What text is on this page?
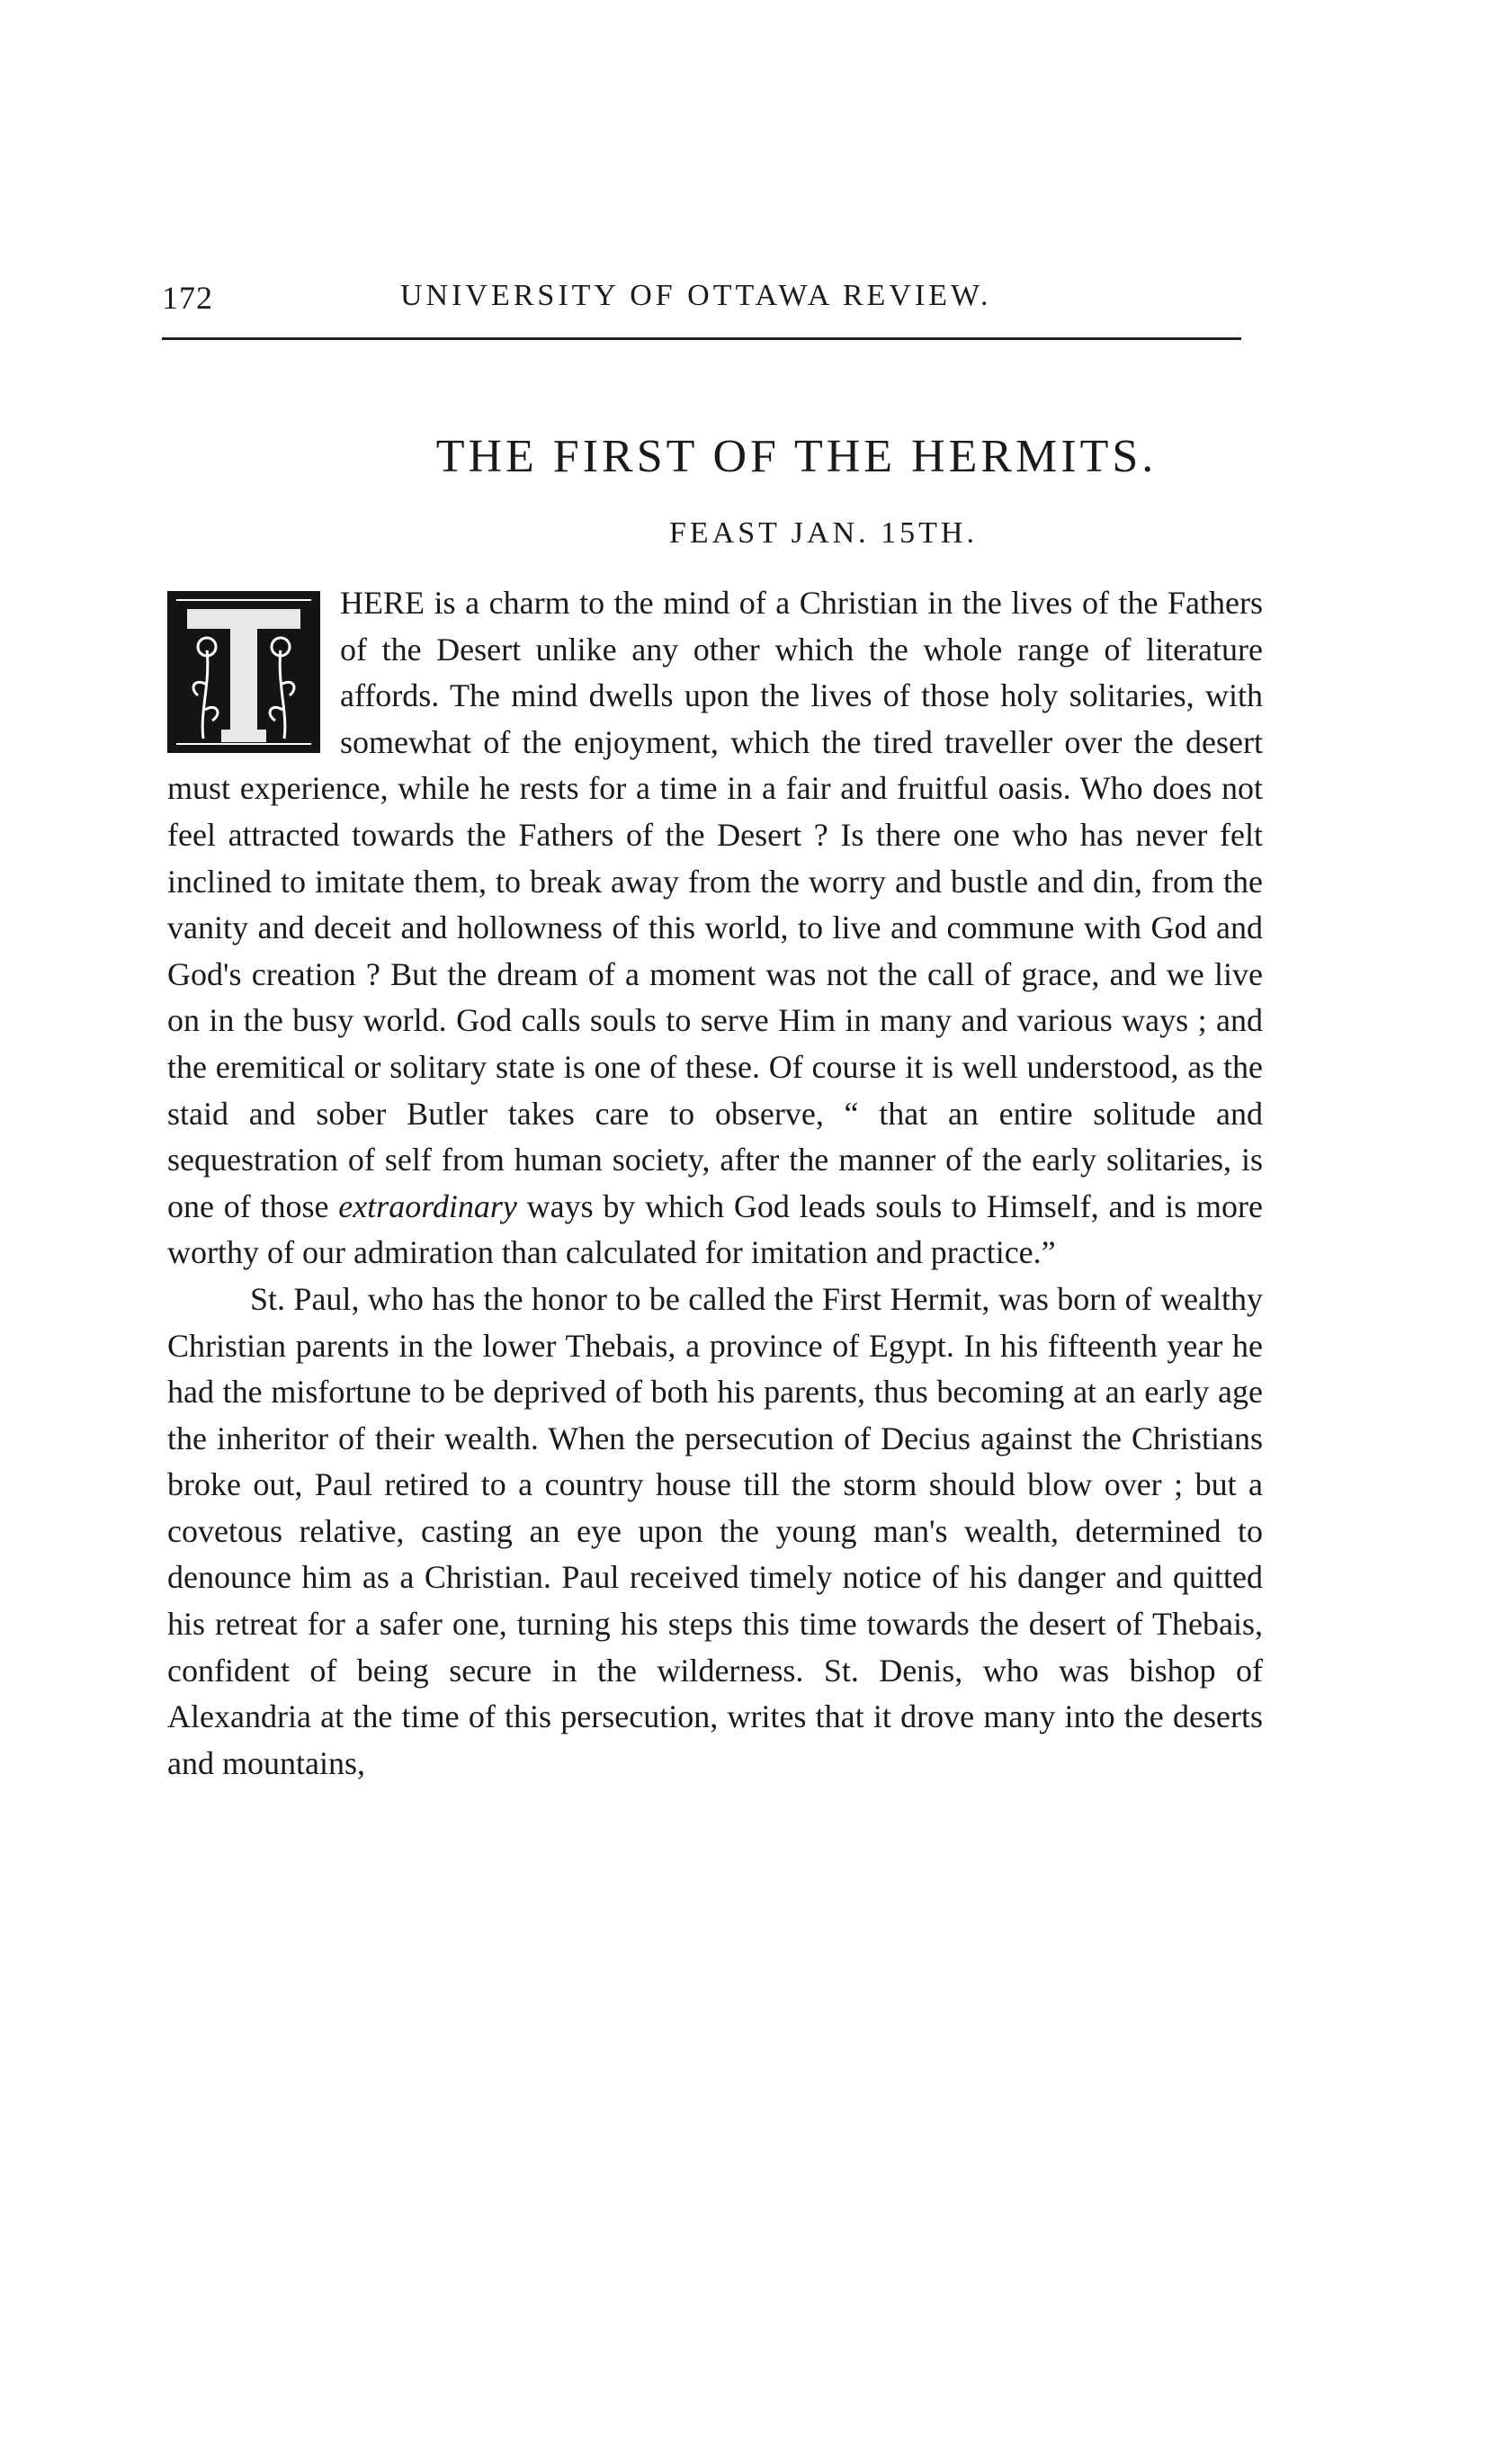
172	UNIVERSITY OF OTTAWA REVIEW.
THE FIRST OF THE HERMITS.
FEAST JAN. 15TH.

HERE is a charm to the mind of a Christian in the lives of the Fathers of the Desert unlike any other which the whole range of literature affords. The mind dwells upon the lives of those holy solitaries, with somewhat of the enjoyment, which the tired traveller over the desert must experience, while he rests for a time in a fair and fruitful oasis. Who does not feel attracted towards the Fathers of the Desert ? Is there one who has never felt inclined to imitate them, to break away from the worry and bustle and din, from the vanity and deceit and hollowness of this world, to live and commune with God and God's creation ? But the dream of a moment was not the call of grace, and we live on in the busy world. God calls souls to serve Him in many and various ways ; and the eremitical or solitary state is one of these. Of course it is well understood, as the staid and sober Butler takes care to observe, “ that an entire solitude and sequestration of self from human society, after the manner of the early solitaries, is one of those extraordinary ways by which God leads souls to Himself, and is more worthy of our admiration than calculated for imitation and practice.”

St. Paul, who has the honor to be called the First Hermit, was born of wealthy Christian parents in the lower Thebais, a province of Egypt. In his fifteenth year he had the misfortune to be deprived of both his parents, thus becoming at an early age the inheritor of their wealth. When the persecution of Decius against the Christians broke out, Paul retired to a country house till the storm should blow over ; but a covetous relative, casting an eye upon the young man's wealth, determined to denounce him as a Christian. Paul received timely notice of his danger and quitted his retreat for a safer one, turning his steps this time towards the desert of Thebais, confident of being secure in the wilderness. St. Denis, who was bishop of Alexandria at the time of this persecution, writes that it drove many into the deserts and mountains,
